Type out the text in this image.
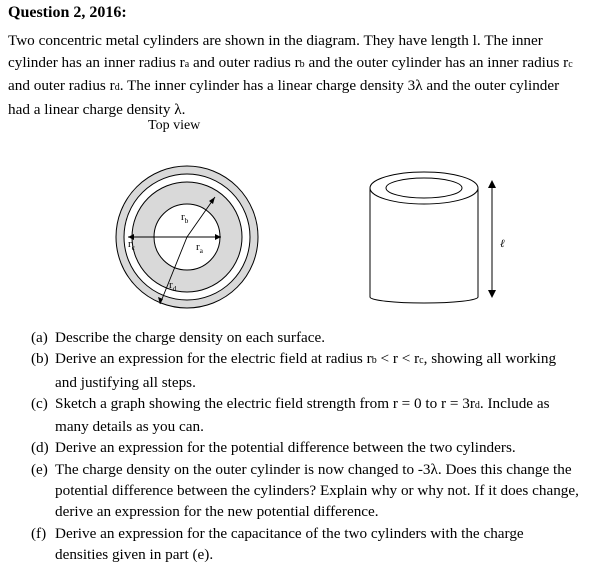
Question 2, 2016:
Two concentric metal cylinders are shown in the diagram. They have length l. The inner
cylinder has an inner radius ra and outer radius rb and the outer cylinder has an inner radius rc
and outer radius rd. The inner cylinder has a linear charge density 3λ and the outer cylinder
had a linear charge density λ.
Top view
$r_b$
$r_c$	$r_a$
$r_d$
ℓ
(a) Describe the charge density on each surface.
(b) Derive an expression for the electric field at radius rb < r < rc, showing all working
and justifying all steps.
(c) Sketch a graph showing the electric field strength from r = 0 to r = 3rd. Include as
many details as you can.
(d) Derive an expression for the potential difference between the two cylinders.
(e) The charge density on the outer cylinder is now changed to -3λ. Does this change the
potential difference between the cylinders? Explain why or why not. If it does change,
derive an expression for the new potential difference.
(f) Derive an expression for the capacitance of the two cylinders with the charge
densities given in part (e).
